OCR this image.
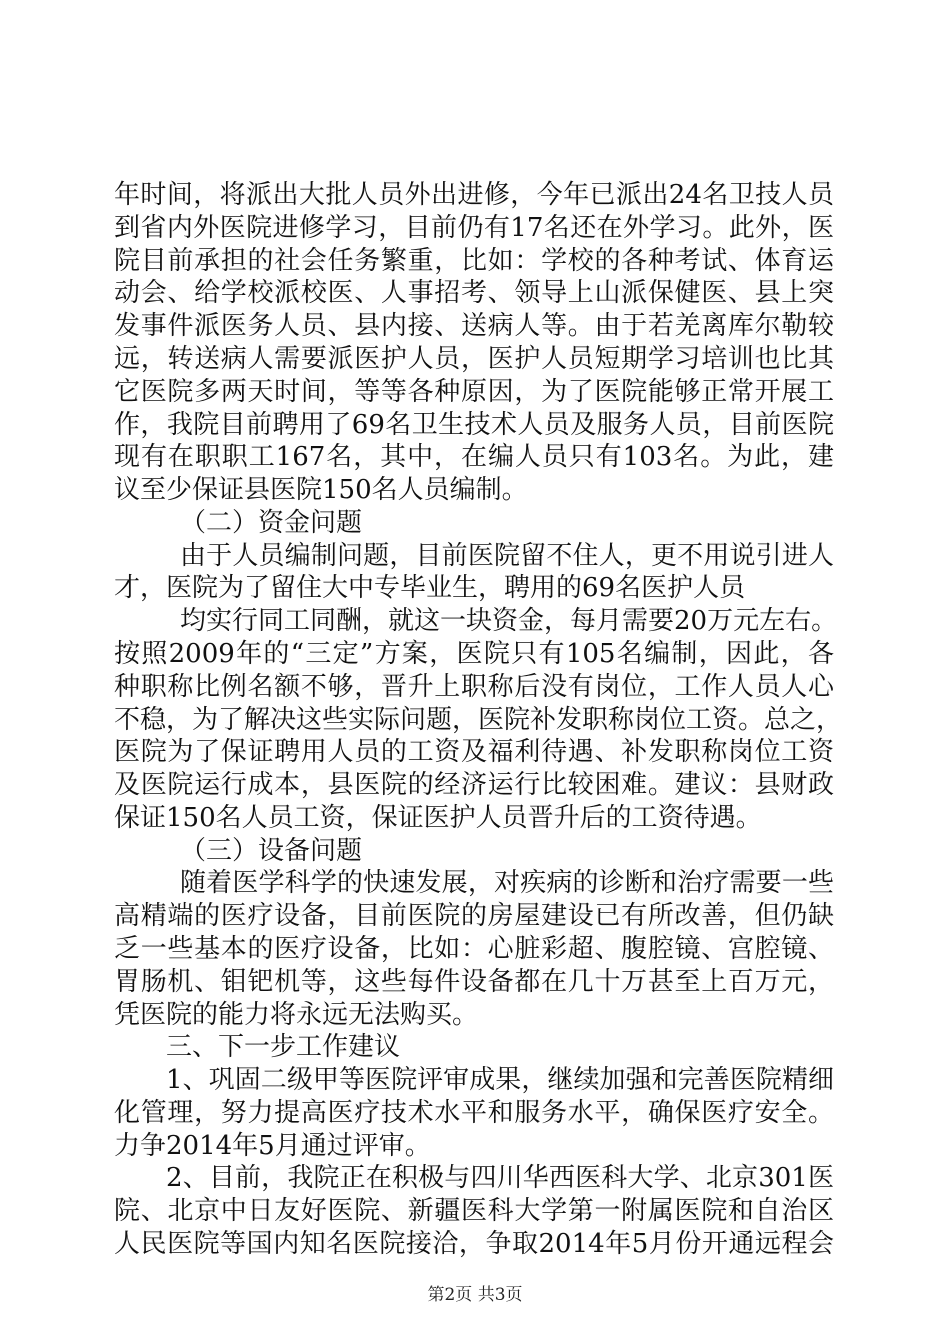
年时间，将派出大批人员外出进修，今年已派出24名卫技人员
到省内外医院进修学习，目前仍有17名还在外学习。此外，医
院目前承担的社会任务繁重，比如：学校的各种考试、体育运
动会、给学校派校医、人事招考、领导上山派保健医、县上突
发事件派医务人员、县内接、送病人等。由于若羌离库尔勒较
远，转送病人需要派医护人员，医护人员短期学习培训也比其
它医院多两天时间，等等各种原因，为了医院能够正常开展工
作，我院目前聘用了69名卫生技术人员及服务人员，目前医院
现有在职职工167名，其中，在编人员只有103名。为此，建
议至少保证县医院150名人员编制。
（二）资金问题
由于人员编制问题，目前医院留不住人，更不用说引进人
才，医院为了留住大中专毕业生，聘用的69名医护人员
均实行同工同酬，就这一块资金，每月需要20万元左右。
按照2009年的“三定”方案，医院只有105名编制，因此，各
种职称比例名额不够，晋升上职称后没有岗位，工作人员人心
不稳，为了解决这些实际问题，医院补发职称岗位工资。总之，
医院为了保证聘用人员的工资及福利待遇、补发职称岗位工资
及医院运行成本，县医院的经济运行比较困难。建议：县财政
保证150名人员工资，保证医护人员晋升后的工资待遇。
（三）设备问题
随着医学科学的快速发展，对疾病的诊断和治疗需要一些
高精端的医疗设备，目前医院的房屋建设已有所改善，但仍缺
乏一些基本的医疗设备，比如：心脏彩超、腹腔镜、宫腔镜、
胃肠机、钼钯机等，这些每件设备都在几十万甚至上百万元，
凭医院的能力将永远无法购买。
三、下一步工作建议
1、巩固二级甲等医院评审成果，继续加强和完善医院精细
化管理，努力提高医疗技术水平和服务水平，确保医疗安全。
力争2014年5月通过评审。
2、目前，我院正在积极与四川华西医科大学、北京301医
院、北京中日友好医院、新疆医科大学第一附属医院和自治区
人民医院等国内知名医院接洽，争取2014年5月份开通远程会
第2页 共3页
